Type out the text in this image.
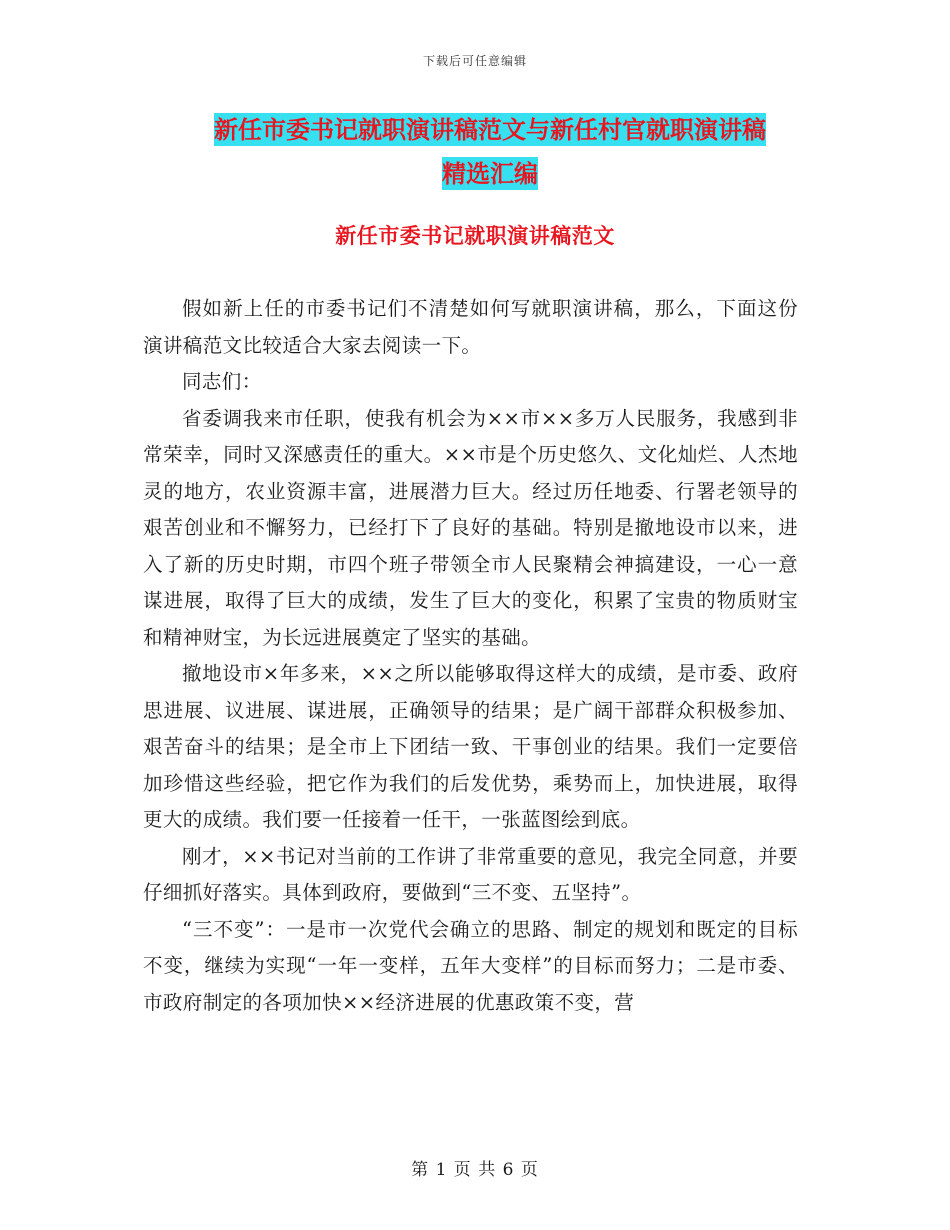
下载后可任意编辑
新任市委书记就职演讲稿范文与新任村官就职演讲稿
精选汇编
新任市委书记就职演讲稿范文

假如新上任的市委书记们不清楚如何写就职演讲稿，那么，下面这份演讲稿范文比较适合大家去阅读一下。

同志们：

省委调我来市任职，使我有机会为××市××多万人民服务，我感到非常荣幸，同时又深感责任的重大。××市是个历史悠久、文化灿烂、人杰地灵的地方，农业资源丰富，进展潜力巨大。经过历任地委、行署老领导的艰苦创业和不懈努力，已经打下了良好的基础。特别是撤地设市以来，进入了新的历史时期，市四个班子带领全市人民聚精会神搞建设，一心一意谋进展，取得了巨大的成绩，发生了巨大的变化，积累了宝贵的物质财宝和精神财宝，为长远进展奠定了坚实的基础。

撤地设市×年多来，××之所以能够取得这样大的成绩，是市委、政府思进展、议进展、谋进展，正确领导的结果；是广阔干部群众积极参加、艰苦奋斗的结果；是全市上下团结一致、干事创业的结果。我们一定要倍加珍惜这些经验，把它作为我们的后发优势，乘势而上，加快进展，取得更大的成绩。我们要一任接着一任干，一张蓝图绘到底。

刚才，××书记对当前的工作讲了非常重要的意见，我完全同意，并要仔细抓好落实。具体到政府，要做到“三不变、五坚持”。

“三不变”：一是市一次党代会确立的思路、制定的规划和既定的目标不变，继续为实现“一年一变样，五年大变样”的目标而努力；二是市委、市政府制定的各项加快××经济进展的优惠政策不变，营

第 1 页 共 6 页
